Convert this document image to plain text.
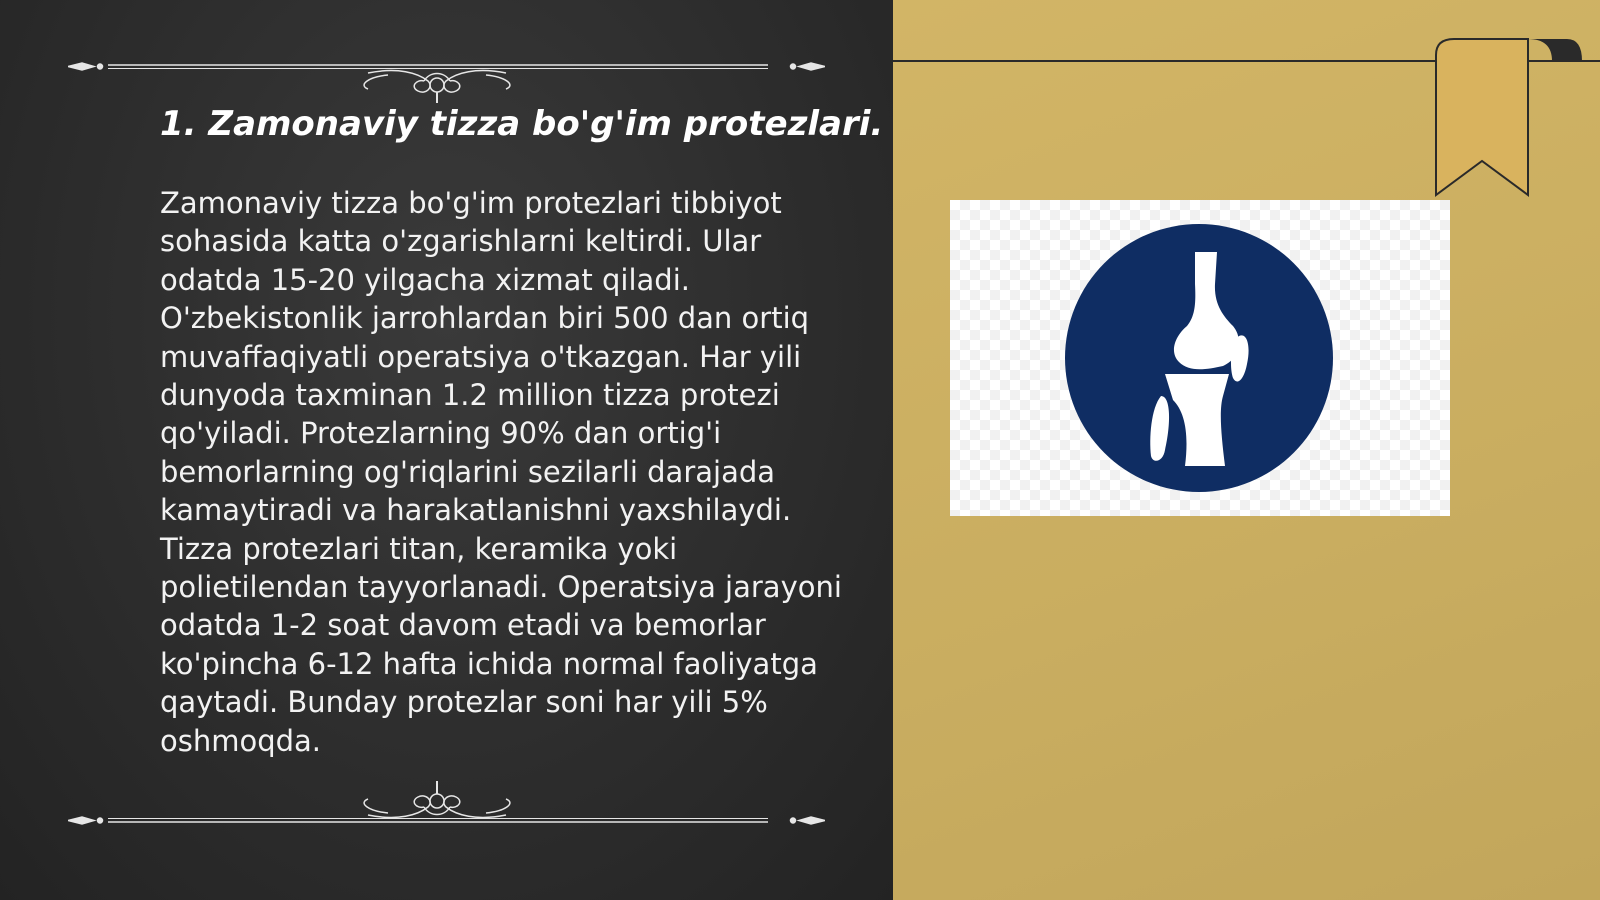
1. Zamonaviy tizza bo'g'im protezlari.

Zamonaviy tizza bo'g'im protezlari tibbiyot sohasida katta o'zgarishlarni keltirdi. Ular odatda 15-20 yilgacha xizmat qiladi. O'zbekistonlik jarrohlardan biri 500 dan ortiq muvaffaqiyatli operatsiya o'tkazgan. Har yili dunyoda taxminan 1.2 million tizza protezi qo'yiladi. Protezlarning 90% dan ortig'i bemorlarning og'riqlarini sezilarli darajada kamaytiradi va harakatlanishni yaxshilaydi. Tizza protezlari titan, keramika yoki polietilendan tayyorlanadi. Operatsiya jarayoni odatda 1-2 soat davom etadi va bemorlar ko'pincha 6-12 hafta ichida normal faoliyatga qaytadi. Bunday protezlar soni har yili 5% oshmoqda.
